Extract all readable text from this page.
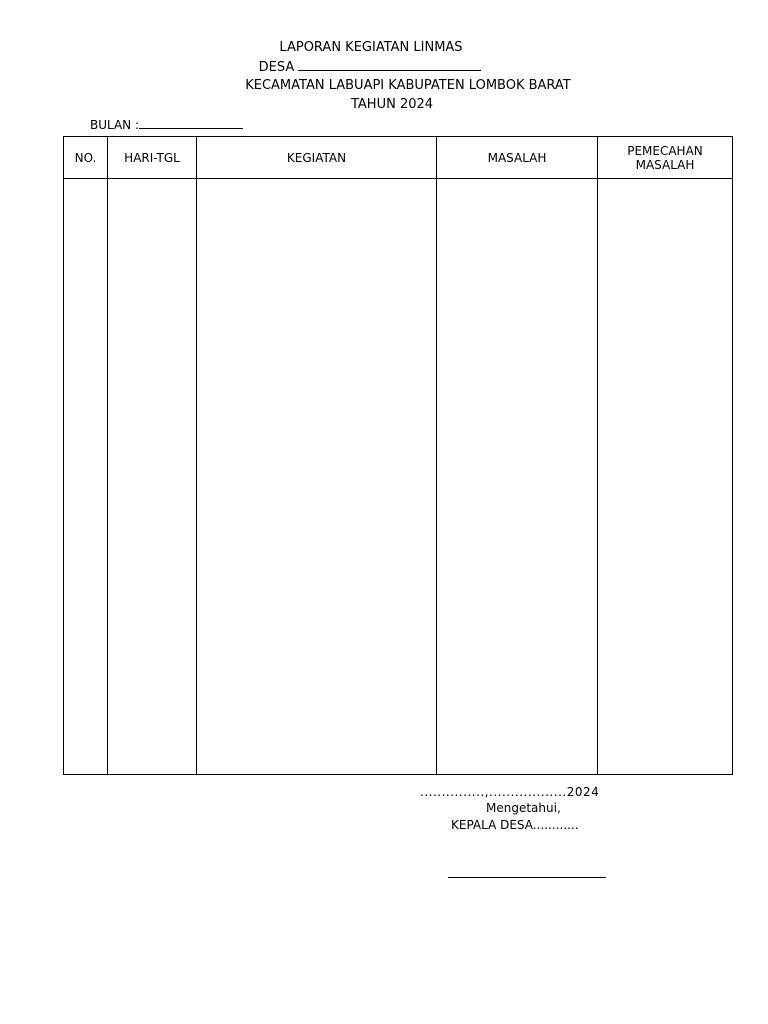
LAPORAN KEGIATAN LINMAS
DESA
KECAMATAN LABUAPI KABUPATEN LOMBOK BARAT
TAHUN 2024
BULAN :
NO.	HARI-TGL	KEGIATAN	MASALAH	PEMECAHAN MASALAH

...............,..................2024
Mengetahui,
KEPALA DESA............
